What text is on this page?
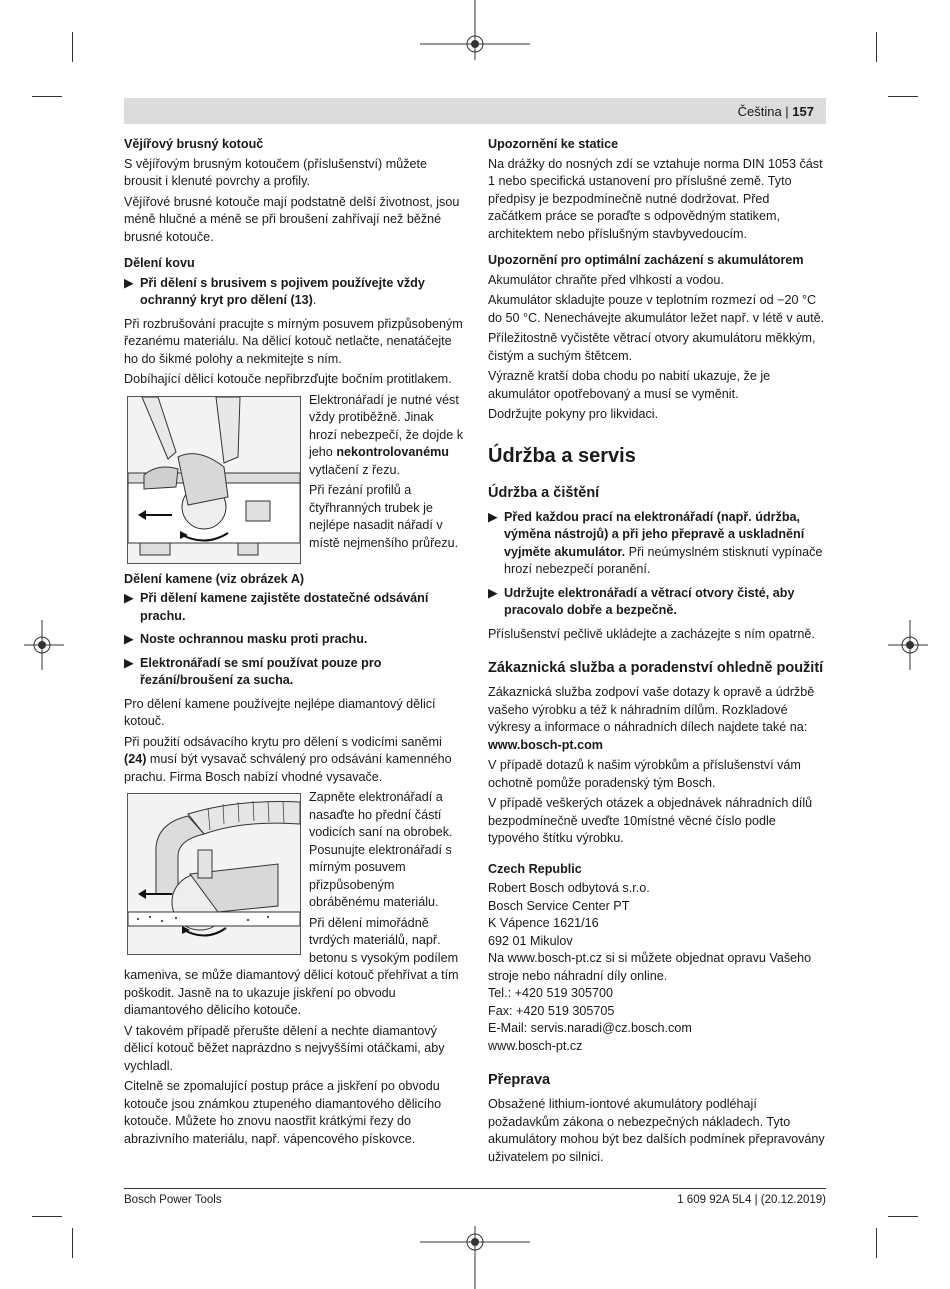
Čeština | 157
Vějířový brusný kotouč

S vějířovým brusným kotoučem (příslušenství) můžete brousit i klenuté povrchy a profily.

Vějířové brusné kotouče mají podstatně delší životnost, jsou méně hlučné a méně se při broušení zahřívají než běžné brusné kotouče.

Dělení kovu
▶ Při dělení s brusivem s pojivem používejte vždy ochranný kryt pro dělení (13).

Při rozbrušování pracujte s mírným posuvem přizpůsobeným řezanému materiálu. Na dělicí kotouč netlačte, nenatáčejte ho do šikmé polohy a nekmitejte s ním.

Dobíhající dělicí kotouče nepřibrzďujte bočním protitlakem.

Elektronářadí je nutné vést vždy protiběžně. Jinak hrozí nebezpečí, že dojde k jeho nekontrolovanému vytlačení z řezu.

Při řezání profilů a čtyřhranných trubek je nejlépe nasadit nářadí v místě nejmenšího průřezu.

Dělení kamene (viz obrázek A)
▶ Při dělení kamene zajistěte dostatečné odsávání prachu.
▶ Noste ochrannou masku proti prachu.
▶ Elektronářadí se smí používat pouze pro řezání/broušení za sucha.

Pro dělení kamene používejte nejlépe diamantový dělicí kotouč.

Při použití odsávacího krytu pro dělení s vodicími saněmi (24) musí být vysavač schválený pro odsávání kamenného prachu. Firma Bosch nabízí vhodné vysavače.

Zapněte elektronářadí a nasaďte ho přední částí vodicích saní na obrobek. Posunujte elektronářadí s mírným posuvem přizpůsobeným obráběnému materiálu.

Při dělení mimořádně tvrdých materiálů, např. betonu s vysokým podílem kameniva, se může diamantový dělicí kotouč přehřívat a tím poškodit. Jasně na to ukazuje jiskření po obvodu diamantového dělicího kotouče.

V takovém případě přerušte dělení a nechte diamantový dělicí kotouč běžet naprázdno s nejvyššími otáčkami, aby vychladl.

Citelně se zpomalující postup práce a jiskření po obvodu kotouče jsou známkou ztupeného diamantového dělicího kotouče. Můžete ho znovu naostřit krátkými řezy do abrazivního materiálu, např. vápencového pískovce.

Upozornění ke statice

Na drážky do nosných zdí se vztahuje norma DIN 1053 část 1 nebo specifická ustanovení pro příslušné země. Tyto předpisy je bezpodmínečně nutné dodržovat. Před začátkem práce se poraďte s odpovědným statikem, architektem nebo příslušným stavbyvedoucím.

Upozornění pro optimální zacházení s akumulátorem

Akumulátor chraňte před vlhkostí a vodou.

Akumulátor skladujte pouze v teplotním rozmezí od −20 °C do 50 °C. Nenechávejte akumulátor ležet např. v létě v autě.

Příležitostně vyčistěte větrací otvory akumulátoru měkkým, čistým a suchým štětcem.

Výrazně kratší doba chodu po nabití ukazuje, že je akumulátor opotřebovaný a musí se vyměnit.

Dodržujte pokyny pro likvidaci.

Údržba a servis
Údržba a čištění
▶ Před každou prací na elektronářadí (např. údržba, výměna nástrojů) a při jeho přepravě a uskladnění vyjměte akumulátor. Při neúmyslném stisknutí vypínače hrozí nebezpečí poranění.
▶ Udržujte elektronářadí a větrací otvory čisté, aby pracovalo dobře a bezpečně.

Příslušenství pečlivě ukládejte a zacházejte s ním opatrně.

Zákaznická služba a poradenství ohledně použití

Zákaznická služba zodpoví vaše dotazy k opravě a údržbě vašeho výrobku a též k náhradním dílům. Rozkladové výkresy a informace o náhradních dílech najdete také na:

www.bosch-pt.com

V případě dotazů k našim výrobkům a příslušenství vám ochotně pomůže poradenský tým Bosch.

V případě veškerých otázek a objednávek náhradních dílů bezpodmínečně uveďte 10místné věcné číslo podle typového štítku výrobku.

Czech Republic
Robert Bosch odbytová s.r.o.
Bosch Service Center PT
K Vápence 1621/16
692 01 Mikulov
Na www.bosch-pt.cz si si můžete objednat opravu Vašeho stroje nebo náhradní díly online.
Tel.: +420 519 305700
Fax: +420 519 305705
E-Mail: servis.naradi@cz.bosch.com
www.bosch-pt.cz
Přeprava

Obsažené lithium-iontové akumulátory podléhají požadavkům zákona o nebezpečných nákladech. Tyto akumulátory mohou být bez dalších podmínek přepravovány uživatelem po silnici.

Bosch Power Tools	1 609 92A 5L4 | (20.12.2019)
